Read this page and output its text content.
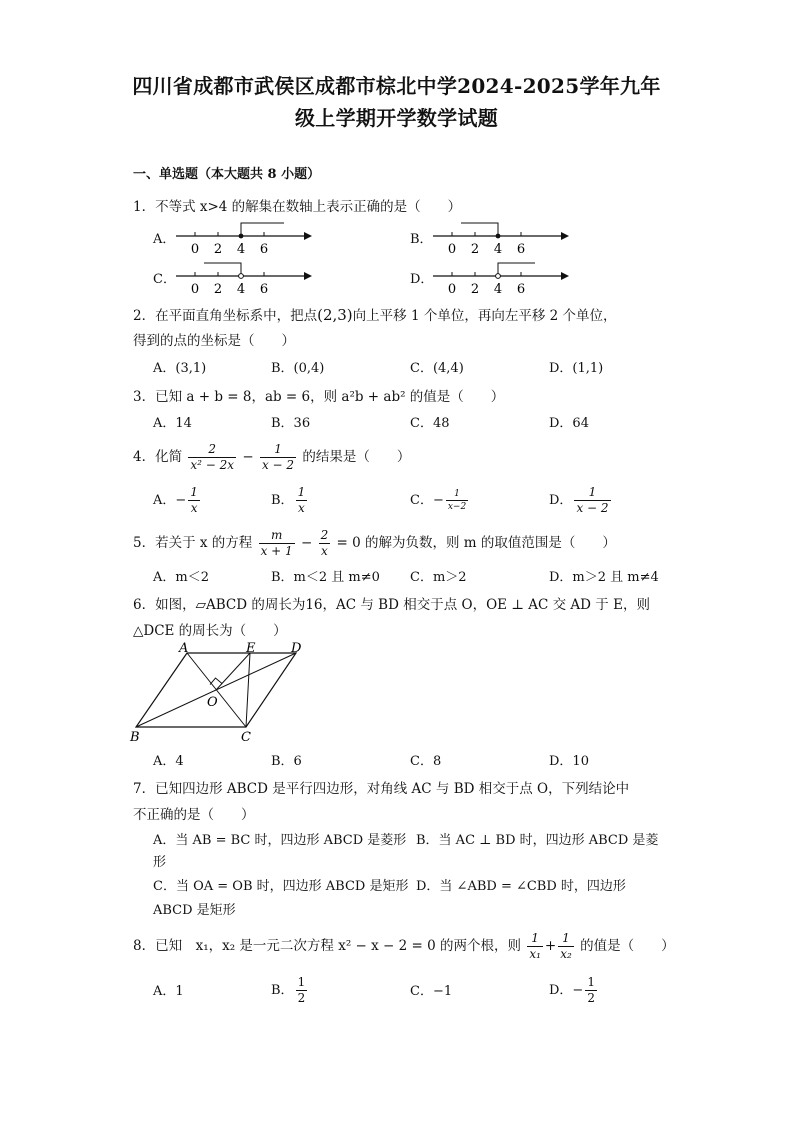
四川省成都市武侯区成都市棕北中学2024-2025学年九年
级上学期开学数学试题
一、单选题（本大题共 8 小题）
1．不等式 x>4 的解集在数轴上表示正确的是（　　）
A．
0 2 4 6
B．
0 2 4 6
C．
0 2 4 6
D．
0 2 4 6
2．在平面直角坐标系中，把点(2,3)向上平移 1 个单位，再向左平移 2 个单位，
得到的点的坐标是（　　）
A．(3,1)	B．(0,4)	C．(4,4)	D．(1,1)
3．已知 a + b = 8，ab = 6，则 a²b + ab² 的值是（　　）
A．14	B．36	C．48	D．64
4．化简 $\frac{2}{\text{x² − 2x}} - \frac{1}{x - 2}$ 的结果是（　　）
A．− $\frac{1}{x}$	B． $\frac{1}{x}$	C．− $\frac{1}{x-2}$	D． $\frac{1}{x - 2}$
5．若关于 x 的方程 $\frac{m}{x + 1} - \frac{2}{x} = 0$ 的解为负数，则 m 的取值范围是（　　）
A．m＜2	B．m＜2 且 m≠0 C．m＞2	D．m＞2 且 m≠4
6．如图，▱ABCD 的周长为16，AC 与 BD 相交于点 O，OE ⊥ AC 交 AD 于 E，则
△DCE 的周长为（　　）
A	E	D
O
B	C
A．4	B．6	C．8	D．10
7．已知四边形 ABCD 是平行四边形，对角线 AC 与 BD 相交于点 O，下列结论中
不正确的是（　　）
A．当 AB = BC 时，四边形 ABCD 是菱形 B．当 AC ⊥ BD 时，四边形 ABCD 是菱
形
C．当 OA = OB 时，四边形 ABCD 是矩形 D．当 ∠ABD = ∠CBD 时，四边形
ABCD 是矩形
8．已知　x₁，x₂ 是一元二次方程 x² − x − 2 = 0 的两个根，则 $\frac{1}{\text{x₁}} + \frac{1}{\text{x₂}}$ 的值是（　　）
A．1	B． $\frac{1}{2}$	C．−1	D．− $\frac{1}{2}$
